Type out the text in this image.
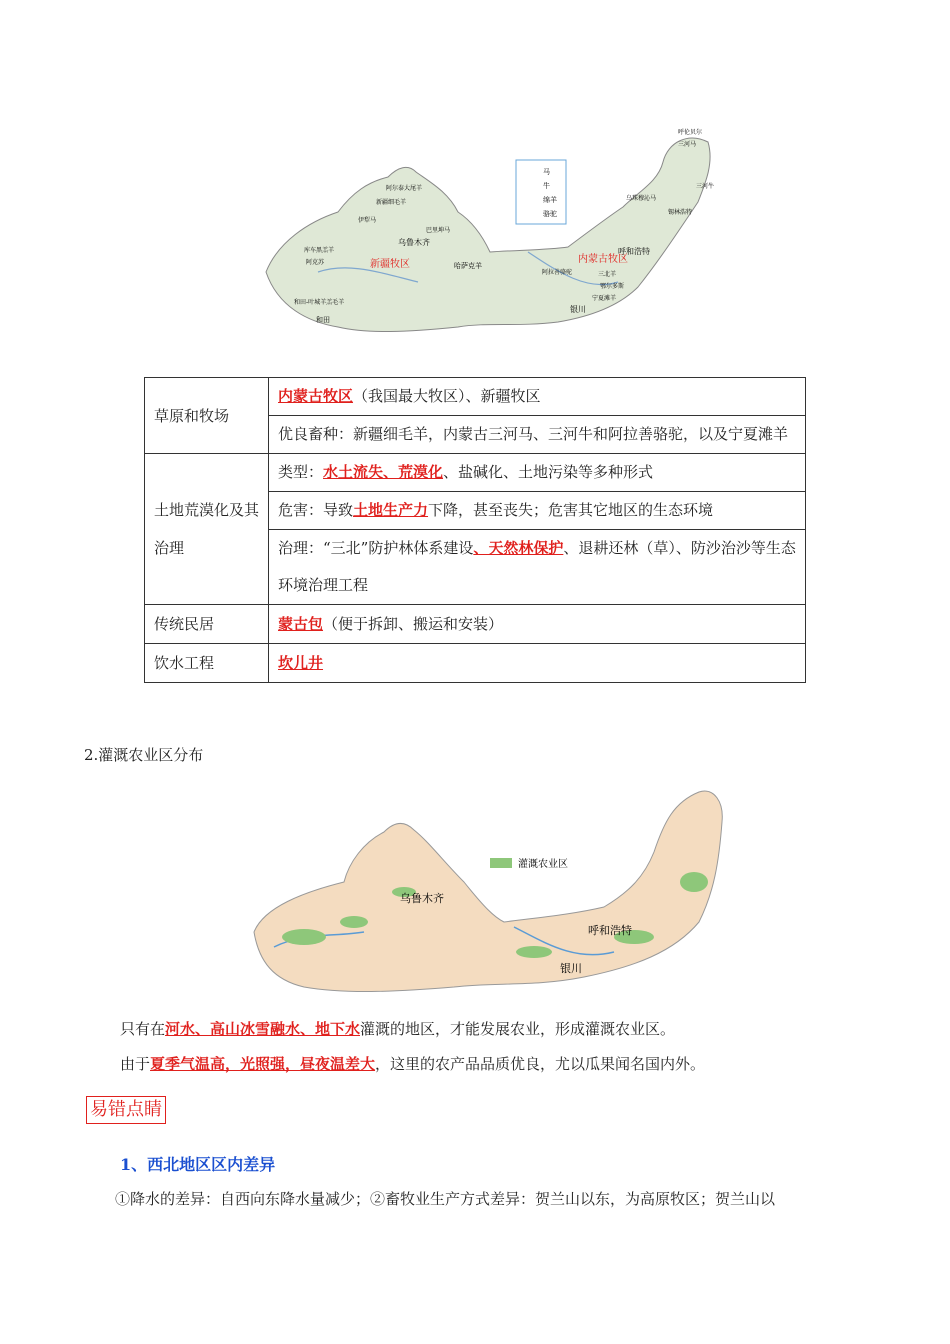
马
牛
绵羊
骆驼
新疆牧区	内蒙古牧区
乌鲁木齐
呼和浩特
银川
和田
哈萨克羊
阿尔泰大尾羊
新疆细毛羊
伊犁马
巴里坤马
库车黑羔羊
阿克苏
和田-叶城羊羔毛羊
阿拉善骆驼	三北羊
鄂尔多斯
宁夏滩羊
呼伦贝尔
三河马
三河牛
乌珠穆沁马
锡林浩特
草原和牧场	内蒙古牧区（我国最大牧区）、新疆牧区
	优良畜种：新疆细毛羊，内蒙古三河马、三河牛和阿拉善骆驼，以及宁夏滩羊
土地荒漠化及其治理	类型：水土流失、荒漠化、盐碱化、土地污染等多种形式
	危害：导致土地生产力下降，甚至丧失；危害其它地区的生态环境
	治理：“三北”防护林体系建设、天然林保护、退耕还林（草）、防沙治沙等生态环境治理工程
传统民居	蒙古包（便于拆卸、搬运和安装）
饮水工程	坎儿井
2.灌溉农业区分布
灌溉农业区
乌鲁木齐
呼和浩特
银川
只有在河水、高山冰雪融水、地下水灌溉的地区，才能发展农业，形成灌溉农业区。
由于夏季气温高，光照强，昼夜温差大，这里的农产品品质优良，尤以瓜果闻名国内外。
易错点睛
1、西北地区区内差异
①降水的差异：自西向东降水量减少；②畜牧业生产方式差异：贺兰山以东，为高原牧区；贺兰山以
